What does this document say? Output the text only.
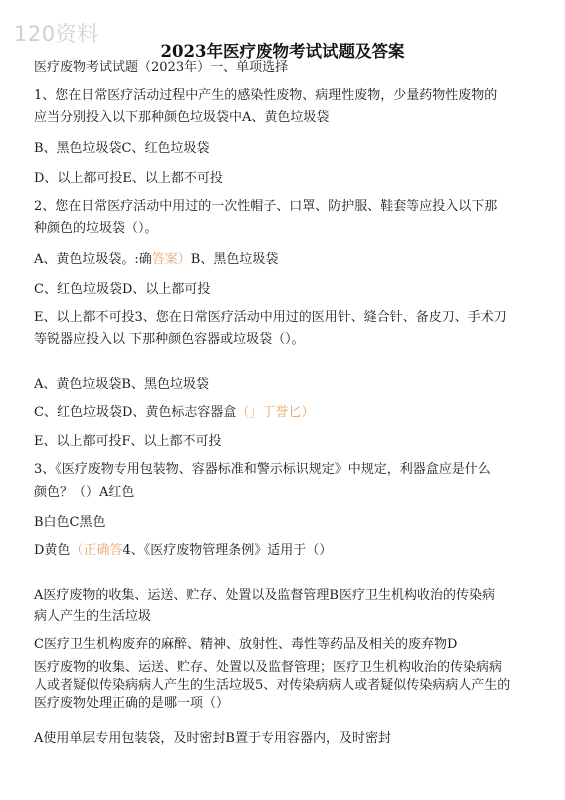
120资料
2023年医疗废物考试试题及答案
医疗废物考试试题（2023年）一、单项选择
1、您在日常医疗活动过程中产生的感染性废物、病理性废物，少量药物性废物的
应当分别投入以下那种颜色垃圾袋中A、黄色垃圾袋
B、黑色垃圾袋C、红色垃圾袋
D、以上都可投E、以上都不可投
2、您在日常医疗活动中用过的一次性帽子、口罩、防护服、鞋套等应投入以下那
种颜色的垃圾袋（）。
A、黄色垃圾袋。:确答案）B、黑色垃圾袋
C、红色垃圾袋D、以上都可投
E、以上都不可投3、您在日常医疗活动中用过的医用针、缝合针、备皮刀、手术刀
等锐器应投入以 下那种颜色容器或垃圾袋（）。
A、黄色垃圾袋B、黑色垃圾袋
C、红色垃圾袋D、黄色标志容器盒（」丁誉匕）
E、以上都可投F、以上都不可投
3、《医疗废物专用包装物、容器标准和警示标识规定》中规定，利器盒应是什么
颜色？（）A红色
B白色C黑色
D黄色（正确答4、《医疗废物管理条例》适用于（）
A医疗废物的收集、运送、贮存、处置以及监督管理B医疗卫生机构收治的传染病
病人产生的生活垃圾
C医疗卫生机构废弃的麻醉、精神、放射性、毒性等药品及相关的废弃物D
医疗废物的收集、运送、贮存、处置以及监督管理；医疗卫生机构收治的传染病病
人或者疑似传染病病人产生的生活垃圾5、对传染病病人或者疑似传染病病人产生的
医疗废物处理正确的是哪一项（）
A使用单层专用包装袋，及时密封B置于专用容器内，及时密封
